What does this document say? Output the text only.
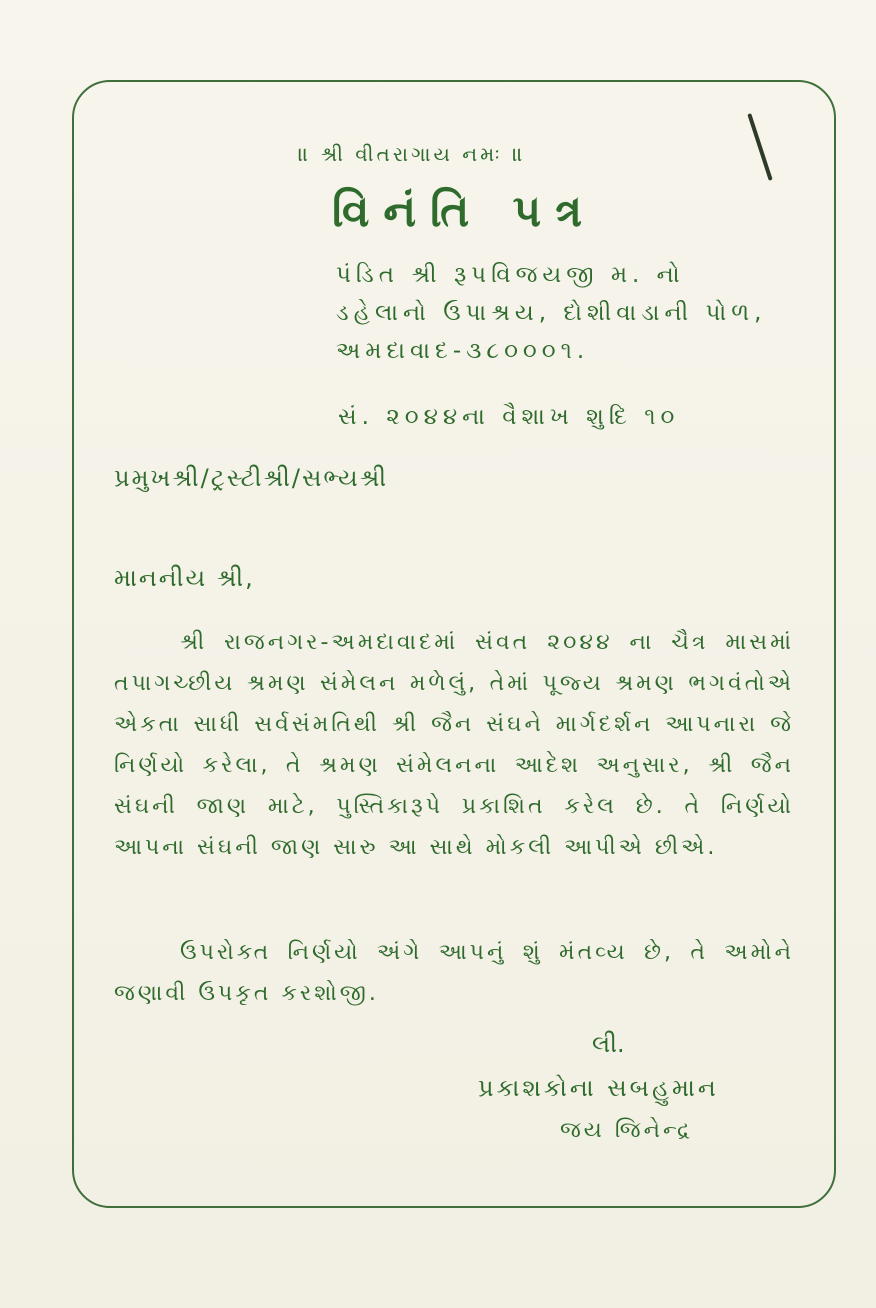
॥ શ્રી વીતરાગાય નમઃ ॥
વિનંતિ પત્ર
પંડિત શ્રી રૂપવિજયજી મ. નો
ડહેલાનો ઉપાશ્રય, દોશીવાડાની પોળ,
અમદાવાદ-૩૮૦૦૦૧.
સં. ૨૦૪૪ના વૈશાખ શુદિ ૧૦
પ્રમુખશ્રી/ટ્રસ્ટીશ્રી/સભ્યશ્રી
માનનીય શ્રી,
શ્રી રાજનગર-અમદાવાદમાં સંવત ૨૦૪૪ ના ચૈત્ર માસમાં તપાગચ્છીય શ્રમણ સંમેલન મળેલું, તેમાં પૂજ્ય શ્રમણ ભગવંતોએ એકતા સાધી સર્વસંમતિથી શ્રી જૈન સંઘને માર્ગદર્શન આપનારા જે નિર્ણયો કરેલા, તે શ્રમણ સંમેલનના આદેશ અનુસાર, શ્રી જૈન સંઘની જાણ માટે, પુસ્તિકારૂપે પ્રકાશિત કરેલ છે. તે નિર્ણયો આપના સંઘની જાણ સારુ આ સાથે મોકલી આપીએ છીએ.
ઉપરોક્ત નિર્ણયો અંગે આપનું શું મંતવ્ય છે, તે અમોને જણાવી ઉપકૃત કરશોજી.
લી.
પ્રકાશકોના સબહુમાન
જય જિનેન્દ્ર
